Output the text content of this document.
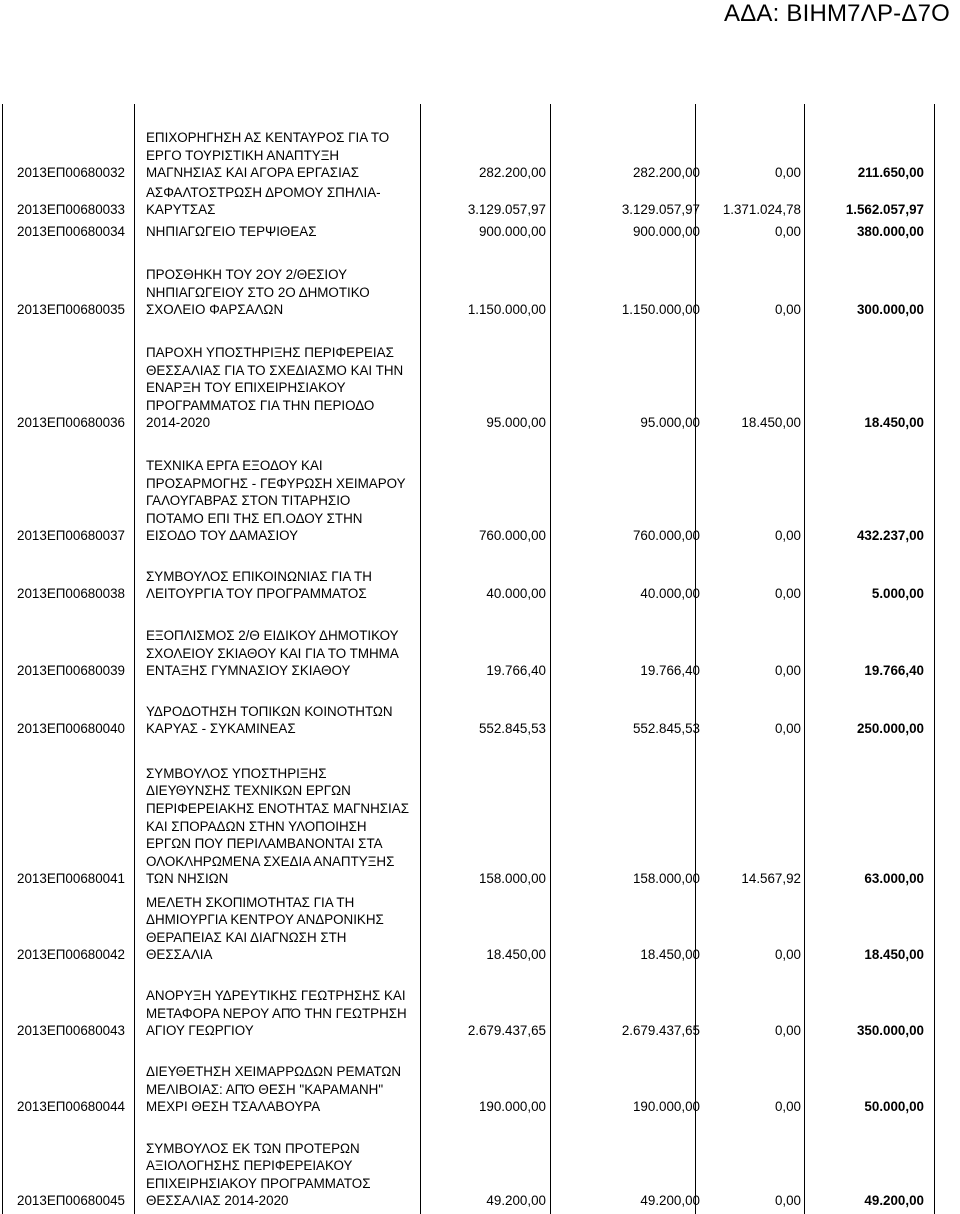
ΑΔΑ: ΒΙΗΜ7ΛΡ-Δ7Ο
2013ΕΠ00680032
ΕΠΙΧΟΡΗΓΗΣΗ ΑΣ ΚΕΝΤΑΥΡΟΣ ΓΙΑ ΤΟ
ΕΡΓΟ ΤΟΥΡΙΣΤΙΚΗ ΑΝΑΠΤΥΞΗ
ΜΑΓΝΗΣΙΑΣ ΚΑΙ ΑΓΟΡΑ ΕΡΓΑΣΙΑΣ	282.200,00	282.200,00	0,00	211.650,00
2013ΕΠ00680033
ΑΣΦΑΛΤΟΣΤΡΩΣΗ ΔΡΟΜΟΥ ΣΠΗΛΙΑ-
ΚΑΡΥΤΣΑΣ	3.129.057,97	3.129.057,97	1.371.024,78	1.562.057,97
2013ΕΠ00680034 ΝΗΠΙΑΓΩΓΕΙΟ ΤΕΡΨΙΘΕΑΣ	900.000,00	900.000,00	0,00	380.000,00
2013ΕΠ00680035
ΠΡΟΣΘΗΚΗ ΤΟΥ 2ΟΥ 2/ΘΕΣΙΟΥ
ΝΗΠΙΑΓΩΓΕΙΟΥ ΣΤΟ 2Ο ΔΗΜΟΤΙΚΟ
ΣΧΟΛΕΙΟ ΦΑΡΣΑΛΩΝ	1.150.000,00	1.150.000,00	0,00	300.000,00
2013ΕΠ00680036
ΠΑΡΟΧΗ ΥΠΟΣΤΗΡΙΞΗΣ ΠΕΡΙΦΕΡΕΙΑΣ
ΘΕΣΣΑΛΙΑΣ ΓΙΑ ΤΟ ΣΧΕΔΙΑΣΜΟ ΚΑΙ ΤΗΝ
ΕΝΑΡΞΗ ΤΟΥ ΕΠΙΧΕΙΡΗΣΙΑΚΟΥ
ΠΡΟΓΡΑΜΜΑΤΟΣ ΓΙΑ ΤΗΝ ΠΕΡΙΟΔΟ
2014-2020	95.000,00	95.000,00	18.450,00	18.450,00
2013ΕΠ00680037
ΤΕΧΝΙΚΑ ΕΡΓΑ ΕΞΟΔΟΥ ΚΑΙ
ΠΡΟΣΑΡΜΟΓΗΣ - ΓΕΦΥΡΩΣΗ ΧΕΙΜΑΡΟΥ
ΓΑΛΟΥΓΑΒΡΑΣ ΣΤΟΝ ΤΙΤΑΡΗΣΙΟ
ΠΟΤΑΜΟ ΕΠΙ ΤΗΣ ΕΠ.ΟΔΟΥ ΣΤΗΝ
ΕΙΣΟΔΟ ΤΟΥ ΔΑΜΑΣΙΟΥ	760.000,00	760.000,00	0,00	432.237,00
2013ΕΠ00680038
ΣΥΜΒΟΥΛΟΣ ΕΠΙΚΟΙΝΩΝΙΑΣ ΓΙΑ ΤΗ
ΛΕΙΤΟΥΡΓΙΑ ΤΟΥ ΠΡΟΓΡΑΜΜΑΤΟΣ	40.000,00	40.000,00	0,00	5.000,00
2013ΕΠ00680039
ΕΞΟΠΛΙΣΜΟΣ 2/Θ ΕΙΔΙΚΟΥ ΔΗΜΟΤΙΚΟΥ
ΣΧΟΛΕΙΟΥ ΣΚΙΑΘΟΥ ΚΑΙ ΓΙΑ ΤΟ ΤΜΗΜΑ
ΕΝΤΑΞΗΣ ΓΥΜΝΑΣΙΟΥ ΣΚΙΑΘΟΥ	19.766,40	19.766,40	0,00	19.766,40
2013ΕΠ00680040
ΥΔΡΟΔΟΤΗΣΗ ΤΟΠΙΚΩΝ ΚΟΙΝΟΤΗΤΩΝ
ΚΑΡΥΑΣ - ΣΥΚΑΜΙΝΕΑΣ	552.845,53	552.845,53	0,00	250.000,00
2013ΕΠ00680041
ΣΥΜΒΟΥΛΟΣ ΥΠΟΣΤΗΡΙΞΗΣ
ΔΙΕΥΘΥΝΣΗΣ ΤΕΧΝΙΚΩΝ ΕΡΓΩΝ
ΠΕΡΙΦΕΡΕΙΑΚΗΣ ΕΝΟΤΗΤΑΣ ΜΑΓΝΗΣΙΑΣ
ΚΑΙ ΣΠΟΡΑΔΩΝ ΣΤΗΝ ΥΛΟΠΟΙΗΣΗ
ΕΡΓΩΝ ΠΟΥ ΠΕΡΙΛΑΜΒΑΝΟΝΤΑΙ ΣΤΑ
ΟΛΟΚΛΗΡΩΜΕΝΑ ΣΧΕΔΙΑ ΑΝΑΠΤΥΞΗΣ
ΤΩΝ ΝΗΣΙΩΝ	158.000,00	158.000,00	14.567,92	63.000,00
2013ΕΠ00680042
ΜΕΛΕΤΗ ΣΚΟΠΙΜΟΤΗΤΑΣ ΓΙΑ ΤΗ
ΔΗΜΙΟΥΡΓΙΑ ΚΕΝΤΡΟΥ ΑΝΔΡΟΝΙΚΗΣ
ΘΕΡΑΠΕΙΑΣ ΚΑΙ ΔΙΑΓΝΩΣΗ ΣΤΗ
ΘΕΣΣΑΛΙΑ	18.450,00	18.450,00	0,00	18.450,00
2013ΕΠ00680043
ΑΝΟΡΥΞΗ ΥΔΡΕΥΤΙΚΗΣ ΓΕΩΤΡΗΣΗΣ ΚΑΙ
ΜΕΤΑΦΟΡΑ ΝΕΡΟΥ ΑΠΌ ΤΗΝ ΓΕΩΤΡΗΣΗ
ΑΓΙΟΥ ΓΕΩΡΓΙΟΥ	2.679.437,65	2.679.437,65	0,00	350.000,00
2013ΕΠ00680044
ΔΙΕΥΘΕΤΗΣΗ ΧΕΙΜΑΡΡΩΔΩΝ ΡΕΜΑΤΩΝ
ΜΕΛΙΒΟΙΑΣ: ΑΠΌ ΘΕΣΗ "ΚΑΡΑΜΑΝΗ"
ΜΕΧΡΙ ΘΕΣΗ ΤΣΑΛΑΒΟΥΡΑ	190.000,00	190.000,00	0,00	50.000,00
2013ΕΠ00680045
ΣΥΜΒΟΥΛΟΣ ΕΚ ΤΩΝ ΠΡΟΤΕΡΩΝ
ΑΞΙΟΛΟΓΗΣΗΣ ΠΕΡΙΦΕΡΕΙΑΚΟΥ
ΕΠΙΧΕΙΡΗΣΙΑΚΟΥ ΠΡΟΓΡΑΜΜΑΤΟΣ
ΘΕΣΣΑΛΙΑΣ 2014-2020	49.200,00	49.200,00	0,00	49.200,00
